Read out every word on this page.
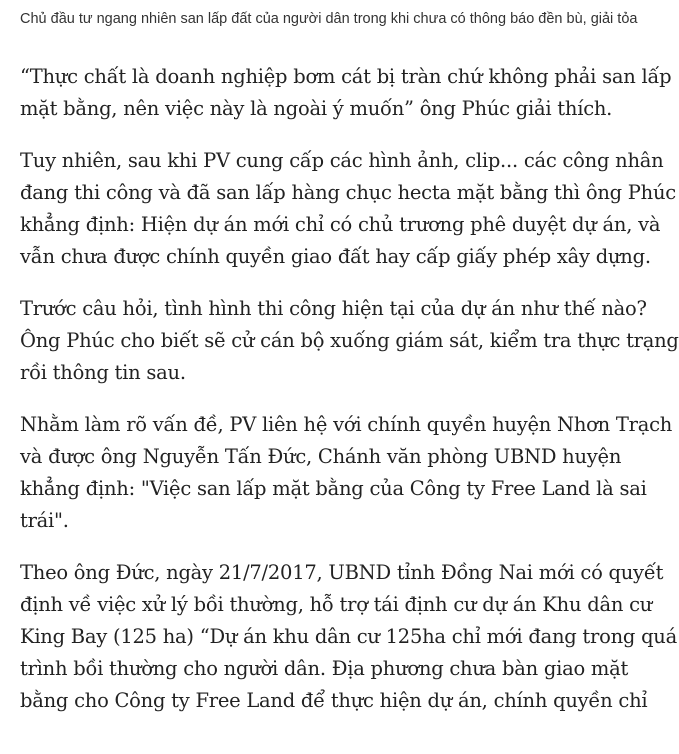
Chủ đầu tư ngang nhiên san lấp đất của người dân trong khi chưa có thông báo đền bù, giải tỏa

“Thực chất là doanh nghiệp bơm cát bị tràn chứ không phải san lấp
mặt bằng, nên việc này là ngoài ý muốn” ông Phúc giải thích.

Tuy nhiên, sau khi PV cung cấp các hình ảnh, clip... các công nhân
đang thi công và đã san lấp hàng chục hecta mặt bằng thì ông Phúc
khẳng định: Hiện dự án mới chỉ có chủ trương phê duyệt dự án, và
vẫn chưa được chính quyền giao đất hay cấp giấy phép xây dựng.

Trước câu hỏi, tình hình thi công hiện tại của dự án như thế nào?
Ông Phúc cho biết sẽ cử cán bộ xuống giám sát, kiểm tra thực trạng
rồi thông tin sau.

Nhằm làm rõ vấn đề, PV liên hệ với chính quyền huyện Nhơn Trạch
và được ông Nguyễn Tấn Đức, Chánh văn phòng UBND huyện
khẳng định: "Việc san lấp mặt bằng của Công ty Free Land là sai
trái".

Theo ông Đức, ngày 21/7/2017, UBND tỉnh Đồng Nai mới có quyết
định về việc xử lý bồi thường, hỗ trợ tái định cư dự án Khu dân cư
King Bay (125 ha) “Dự án khu dân cư 125ha chỉ mới đang trong quá
trình bồi thường cho người dân. Địa phương chưa bàn giao mặt
bằng cho Công ty Free Land để thực hiện dự án, chính quyền chỉ
